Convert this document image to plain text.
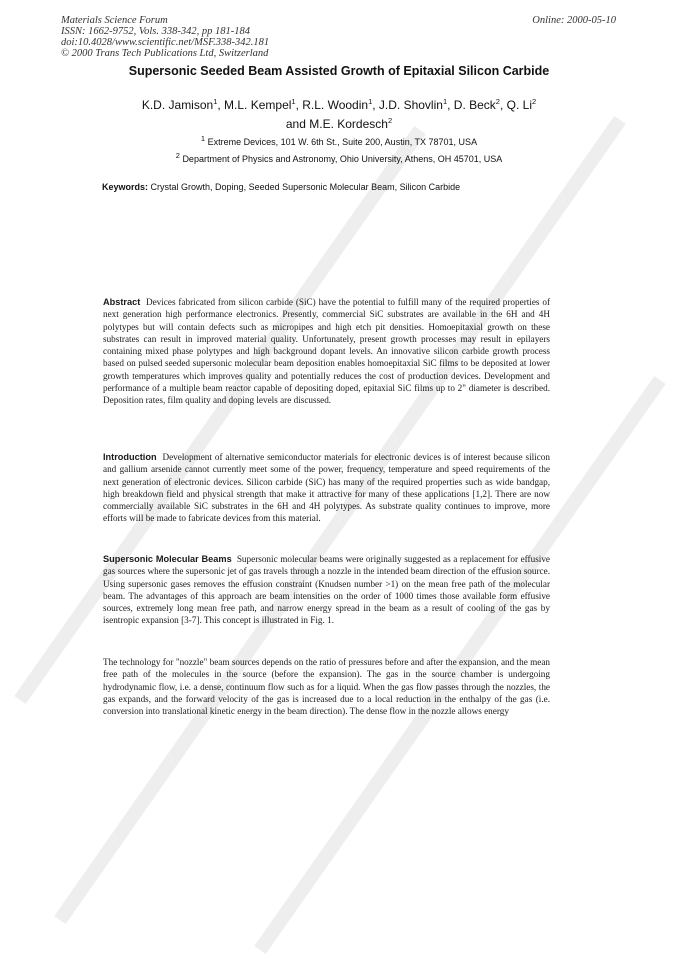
Materials Science Forum
ISSN: 1662-9752, Vols. 338-342, pp 181-184
doi:10.4028/www.scientific.net/MSF.338-342.181
© 2000 Trans Tech Publications Ltd, Switzerland
Online: 2000-05-10
Supersonic Seeded Beam Assisted Growth of Epitaxial Silicon Carbide
K.D. Jamison$^1$, M.L. Kempel$^1$, R.L. Woodin$^1$, J.D. Shovlin$^1$, D. Beck$^2$, Q. Li$^2$
and M.E. Kordesch$^2$
$^1$ Extreme Devices, 101 W. 6th St., Suite 200, Austin, TX 78701, USA
$^2$ Department of Physics and Astronomy, Ohio University, Athens, OH 45701, USA
Keywords: Crystal Growth, Doping, Seeded Supersonic Molecular Beam, Silicon Carbide
Abstract Devices fabricated from silicon carbide (SiC) have the potential to fulfill many of the required properties of next generation high performance electronics. Presently, commercial SiC substrates are available in the 6H and 4H polytypes but will contain defects such as micropipes and high etch pit densities. Homoepitaxial growth on these substrates can result in improved material quality. Unfortunately, present growth processes may result in epilayers containing mixed phase polytypes and high background dopant levels. An innovative silicon carbide growth process based on pulsed seeded supersonic molecular beam deposition enables homoepitaxial SiC films to be deposited at lower growth temperatures which improves quality and potentially reduces the cost of production devices. Development and performance of a multiple beam reactor capable of depositing doped, epitaxial SiC films up to 2" diameter is described. Deposition rates, film quality and doping levels are discussed.
Introduction Development of alternative semiconductor materials for electronic devices is of interest because silicon and gallium arsenide cannot currently meet some of the power, frequency, temperature and speed requirements of the next generation of electronic devices. Silicon carbide (SiC) has many of the required properties such as wide bandgap, high breakdown field and physical strength that make it attractive for many of these applications [1,2]. There are now commercially available SiC substrates in the 6H and 4H polytypes. As substrate quality continues to improve, more efforts will be made to fabricate devices from this material.
Supersonic Molecular Beams Supersonic molecular beams were originally suggested as a replacement for effusive gas sources where the supersonic jet of gas travels through a nozzle in the intended beam direction of the effusion source. Using supersonic gases removes the effusion constraint (Knudsen number >1) on the mean free path of the molecular beam. The advantages of this approach are beam intensities on the order of 1000 times those available form effusive sources, extremely long mean free path, and narrow energy spread in the beam as a result of cooling of the gas by isentropic expansion [3-7]. This concept is illustrated in Fig. 1.
The technology for "nozzle" beam sources depends on the ratio of pressures before and after the expansion, and the mean free path of the molecules in the source (before the expansion). The gas in the source chamber is undergoing hydrodynamic flow, i.e. a dense, continuum flow such as for a liquid. When the gas flow passes through the nozzles, the gas expands, and the forward velocity of the gas is increased due to a local reduction in the enthalpy of the gas (i.e. conversion into translational kinetic energy in the beam direction). The dense flow in the nozzle allows energy
